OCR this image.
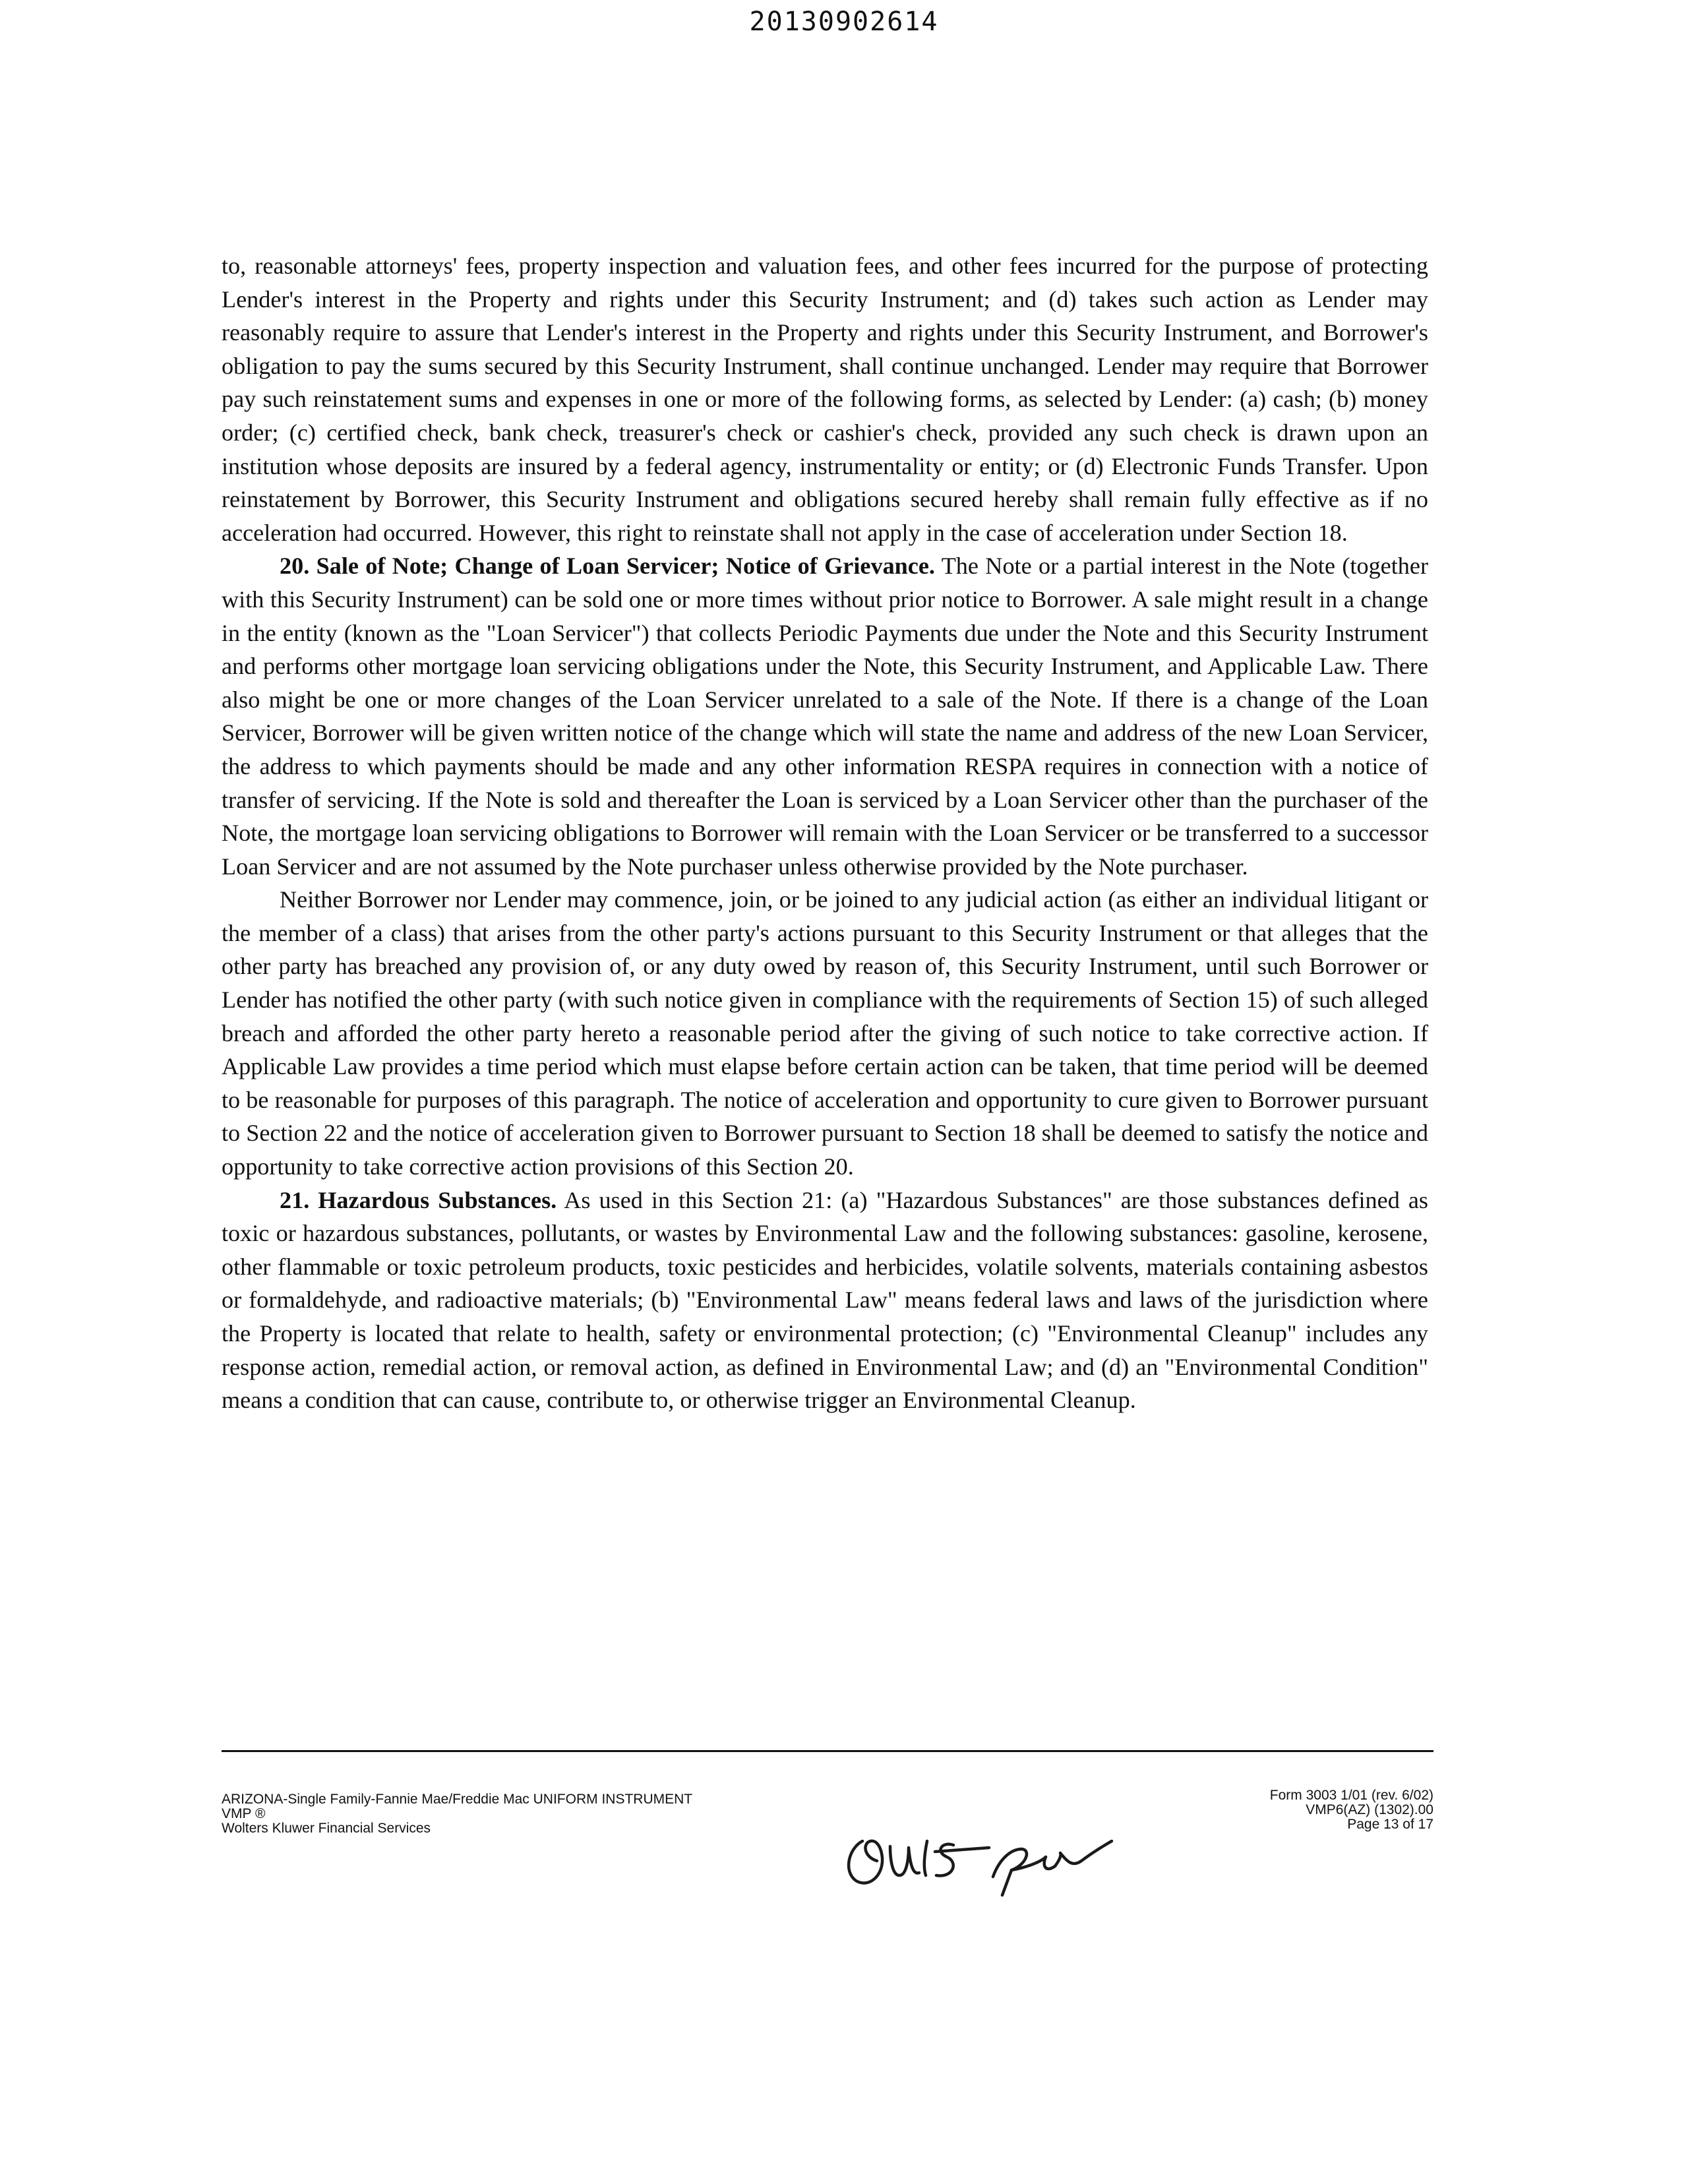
20130902614

to, reasonable attorneys' fees, property inspection and valuation fees, and other fees incurred for the purpose of protecting Lender's interest in the Property and rights under this Security Instrument; and (d) takes such action as Lender may reasonably require to assure that Lender's interest in the Property and rights under this Security Instrument, and Borrower's obligation to pay the sums secured by this Security Instrument, shall continue unchanged. Lender may require that Borrower pay such reinstatement sums and expenses in one or more of the following forms, as selected by Lender: (a) cash; (b) money order; (c) certified check, bank check, treasurer's check or cashier's check, provided any such check is drawn upon an institution whose deposits are insured by a federal agency, instrumentality or entity; or (d) Electronic Funds Transfer. Upon reinstatement by Borrower, this Security Instrument and obligations secured hereby shall remain fully effective as if no acceleration had occurred. However, this right to reinstate shall not apply in the case of acceleration under Section 18.

20. Sale of Note; Change of Loan Servicer; Notice of Grievance. The Note or a partial interest in the Note (together with this Security Instrument) can be sold one or more times without prior notice to Borrower. A sale might result in a change in the entity (known as the "Loan Servicer") that collects Periodic Payments due under the Note and this Security Instrument and performs other mortgage loan servicing obligations under the Note, this Security Instrument, and Applicable Law. There also might be one or more changes of the Loan Servicer unrelated to a sale of the Note. If there is a change of the Loan Servicer, Borrower will be given written notice of the change which will state the name and address of the new Loan Servicer, the address to which payments should be made and any other information RESPA requires in connection with a notice of transfer of servicing. If the Note is sold and thereafter the Loan is serviced by a Loan Servicer other than the purchaser of the Note, the mortgage loan servicing obligations to Borrower will remain with the Loan Servicer or be transferred to a successor Loan Servicer and are not assumed by the Note purchaser unless otherwise provided by the Note purchaser.

Neither Borrower nor Lender may commence, join, or be joined to any judicial action (as either an individual litigant or the member of a class) that arises from the other party's actions pursuant to this Security Instrument or that alleges that the other party has breached any provision of, or any duty owed by reason of, this Security Instrument, until such Borrower or Lender has notified the other party (with such notice given in compliance with the requirements of Section 15) of such alleged breach and afforded the other party hereto a reasonable period after the giving of such notice to take corrective action. If Applicable Law provides a time period which must elapse before certain action can be taken, that time period will be deemed to be reasonable for purposes of this paragraph. The notice of acceleration and opportunity to cure given to Borrower pursuant to Section 22 and the notice of acceleration given to Borrower pursuant to Section 18 shall be deemed to satisfy the notice and opportunity to take corrective action provisions of this Section 20.

21. Hazardous Substances. As used in this Section 21: (a) "Hazardous Substances" are those substances defined as toxic or hazardous substances, pollutants, or wastes by Environmental Law and the following substances: gasoline, kerosene, other flammable or toxic petroleum products, toxic pesticides and herbicides, volatile solvents, materials containing asbestos or formaldehyde, and radioactive materials; (b) "Environmental Law" means federal laws and laws of the jurisdiction where the Property is located that relate to health, safety or environmental protection; (c) "Environmental Cleanup" includes any response action, remedial action, or removal action, as defined in Environmental Law; and (d) an "Environmental Condition" means a condition that can cause, contribute to, or otherwise trigger an Environmental Cleanup.

ARIZONA-Single Family-Fannie Mae/Freddie Mac UNIFORM INSTRUMENT
VMP ®
Wolters Kluwer Financial Services
Form 3003 1/01 (rev. 6/02)
VMP6(AZ) (1302).00
Page 13 of 17
